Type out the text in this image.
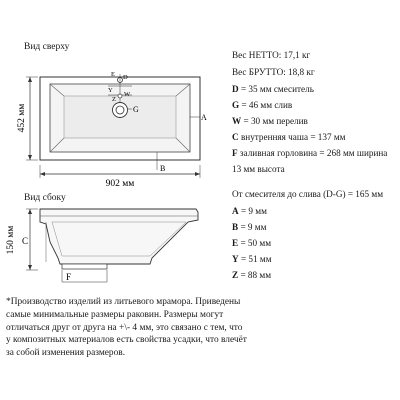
E D
Y
Z
W
G
A
B
452 мм
902 мм
150 мм C
F
Вид сверху
Вид сбоку
Вес НЕТТО: 17,1 кг
Вес БРУТТО: 18,8 кг
D = 35 мм смеситель
G = 46 мм слив
W = 30 мм перелив
C внутренняя чаша = 137 мм
F заливная горловина = 268 мм ширина
13 мм высота
От смесителя до слива (D-G) = 165 мм
A = 9 мм
B = 9 мм
E = 50 мм
Y = 51 мм
Z = 88 мм
*Производство изделий из литьевого мрамора. Приведены
самые минимальные размеры раковин. Размеры могут
отличаться друг от друга на +\- 4 мм, это связано с тем, что
у композитных материалов есть свойства усадки, что влечёт
за собой изменения размеров.
